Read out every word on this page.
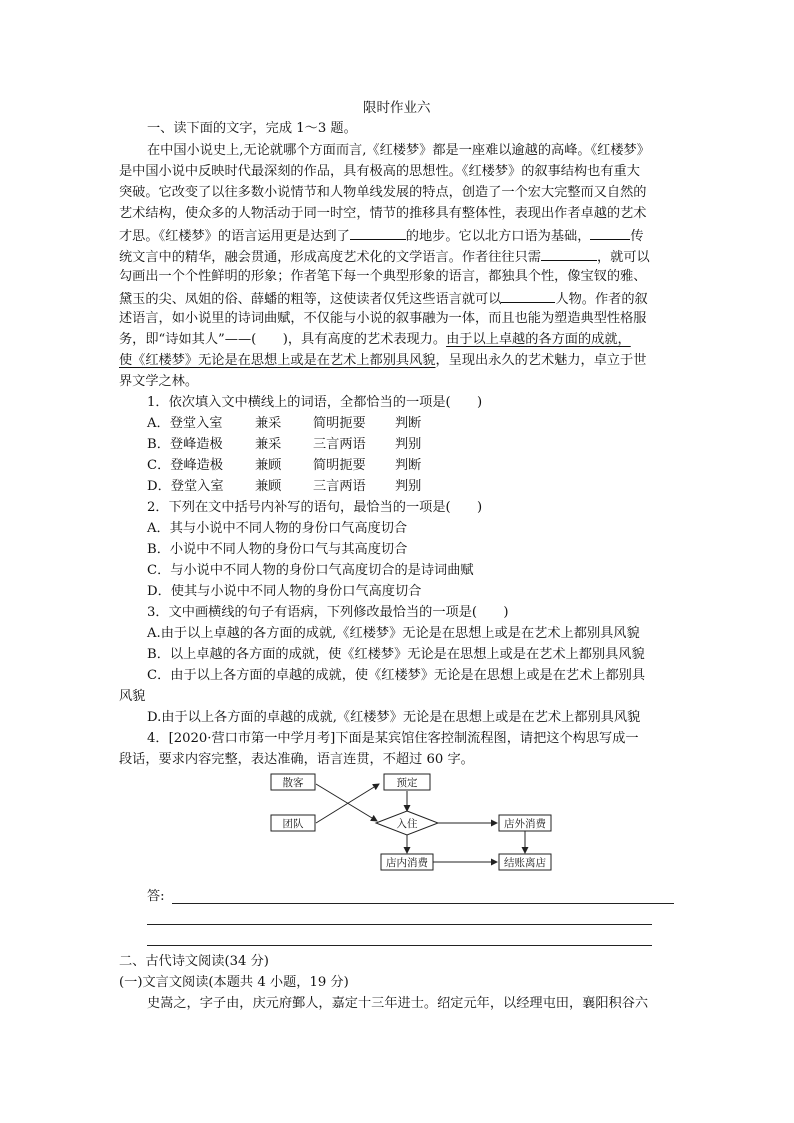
限时作业六
一、读下面的文字，完成 1～3 题。
在中国小说史上,无论就哪个方面而言,《红楼梦》都是一座难以逾越的高峰。《红楼梦》
是中国小说中反映时代最深刻的作品，具有极高的思想性。《红楼梦》的叙事结构也有重大
突破。它改变了以往多数小说情节和人物单线发展的特点，创造了一个宏大完整而又自然的
艺术结构，使众多的人物活动于同一时空，情节的推移具有整体性，表现出作者卓越的艺术
才思。《红楼梦》的语言运用更是达到了	的地步。它以北方口语为基础，	传
统文言中的精华，融会贯通，形成高度艺术化的文学语言。作者往往只需	，就可以
勾画出一个个性鲜明的形象；作者笔下每一个典型形象的语言，都独具个性，像宝钗的雅、
黛玉的尖、凤姐的俗、薛蟠的粗等，这使读者仅凭这些语言就可以	人物。作者的叙
述语言，如小说里的诗词曲赋，不仅能与小说的叙事融为一体，而且也能为塑造典型性格服
务，即“诗如其人”——(　　)，具有高度的艺术表现力。由于以上卓越的各方面的成就，
使《红楼梦》无论是在思想上或是在艺术上都别具风貌，呈现出永久的艺术魅力，卓立于世
界文学之林。
1．依次填入文中横线上的词语，全都恰当的一项是(　　)
A．登堂入室 兼采 简明扼要 判断
B．登峰造极 兼采 三言两语 判别
C．登峰造极 兼顾 简明扼要 判断
D．登堂入室 兼顾 三言两语 判别
2．下列在文中括号内补写的语句，最恰当的一项是(　　)
A．其与小说中不同人物的身份口气高度切合
B．小说中不同人物的身份口气与其高度切合
C．与小说中不同人物的身份口气高度切合的是诗词曲赋
D．使其与小说中不同人物的身份口气高度切合
3．文中画横线的句子有语病，下列修改最恰当的一项是(　　)
A.由于以上卓越的各方面的成就,《红楼梦》无论是在思想上或是在艺术上都别具风貌
B．以上卓越的各方面的成就，使《红楼梦》无论是在思想上或是在艺术上都别具风貌
C．由于以上各方面的卓越的成就，使《红楼梦》无论是在思想上或是在艺术上都别具
风貌
D.由于以上各方面的卓越的成就,《红楼梦》无论是在思想上或是在艺术上都别具风貌
4．[2020·营口市第一中学月考]下面是某宾馆住客控制流程图，请把这个构思写成一
段话，要求内容完整，表达准确，语言连贯，不超过 60 字。
散客
团队
预定
入住	店外消费
店内消费	结账离店
答:
二、古代诗文阅读(34 分)
(一)文言文阅读(本题共 4 小题，19 分)
史嵩之，字子由，庆元府鄞人，嘉定十三年进士。绍定元年，以经理屯田，襄阳积谷六
